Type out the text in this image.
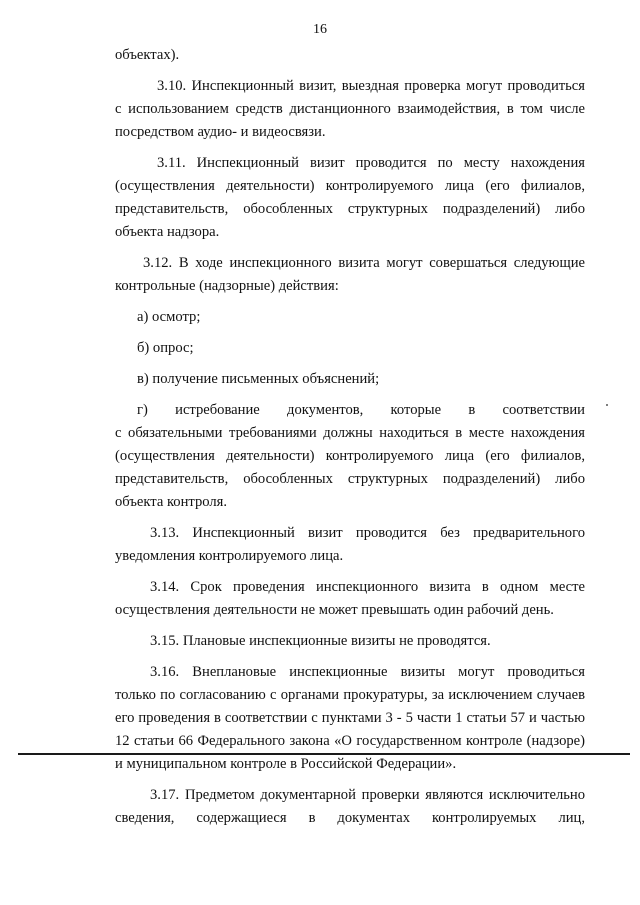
16

объектах).

3.10. Инспекционный визит, выездная проверка могут проводиться

с использованием средств дистанционного взаимодействия, в том числе

посредством аудио- и видеосвязи.

3.11. Инспекционный визит проводится по месту нахождения

(осуществления деятельности) контролируемого лица (его филиалов,

представительств, обособленных структурных подразделений) либо

объекта надзора.

3.12. В ходе инспекционного визита могут совершаться следующие

контрольные (надзорные) действия:

а) осмотр;

б) опрос;

в) получение письменных объяснений;

г) истребование документов, которые в соответствии

с обязательными требованиями должны находиться в месте нахождения

(осуществления деятельности) контролируемого лица (его филиалов,

представительств, обособленных структурных подразделений) либо

объекта контроля.

3.13. Инспекционный визит проводится без предварительного

уведомления контролируемого лица.

3.14. Срок проведения инспекционного визита в одном месте

осуществления деятельности не может превышать один рабочий день.

3.15. Плановые инспекционные визиты не проводятся.

3.16. Внеплановые инспекционные визиты могут проводиться

только по согласованию с органами прокуратуры, за исключением случаев

его проведения в соответствии с пунктами 3 - 5 части 1 статьи 57 и частью

12 статьи 66 Федерального закона «О государственном контроле (надзоре)

и муниципальном контроле в Российской Федерации».

3.17. Предметом документарной проверки являются исключительно

сведения, содержащиеся в документах контролируемых лиц,
